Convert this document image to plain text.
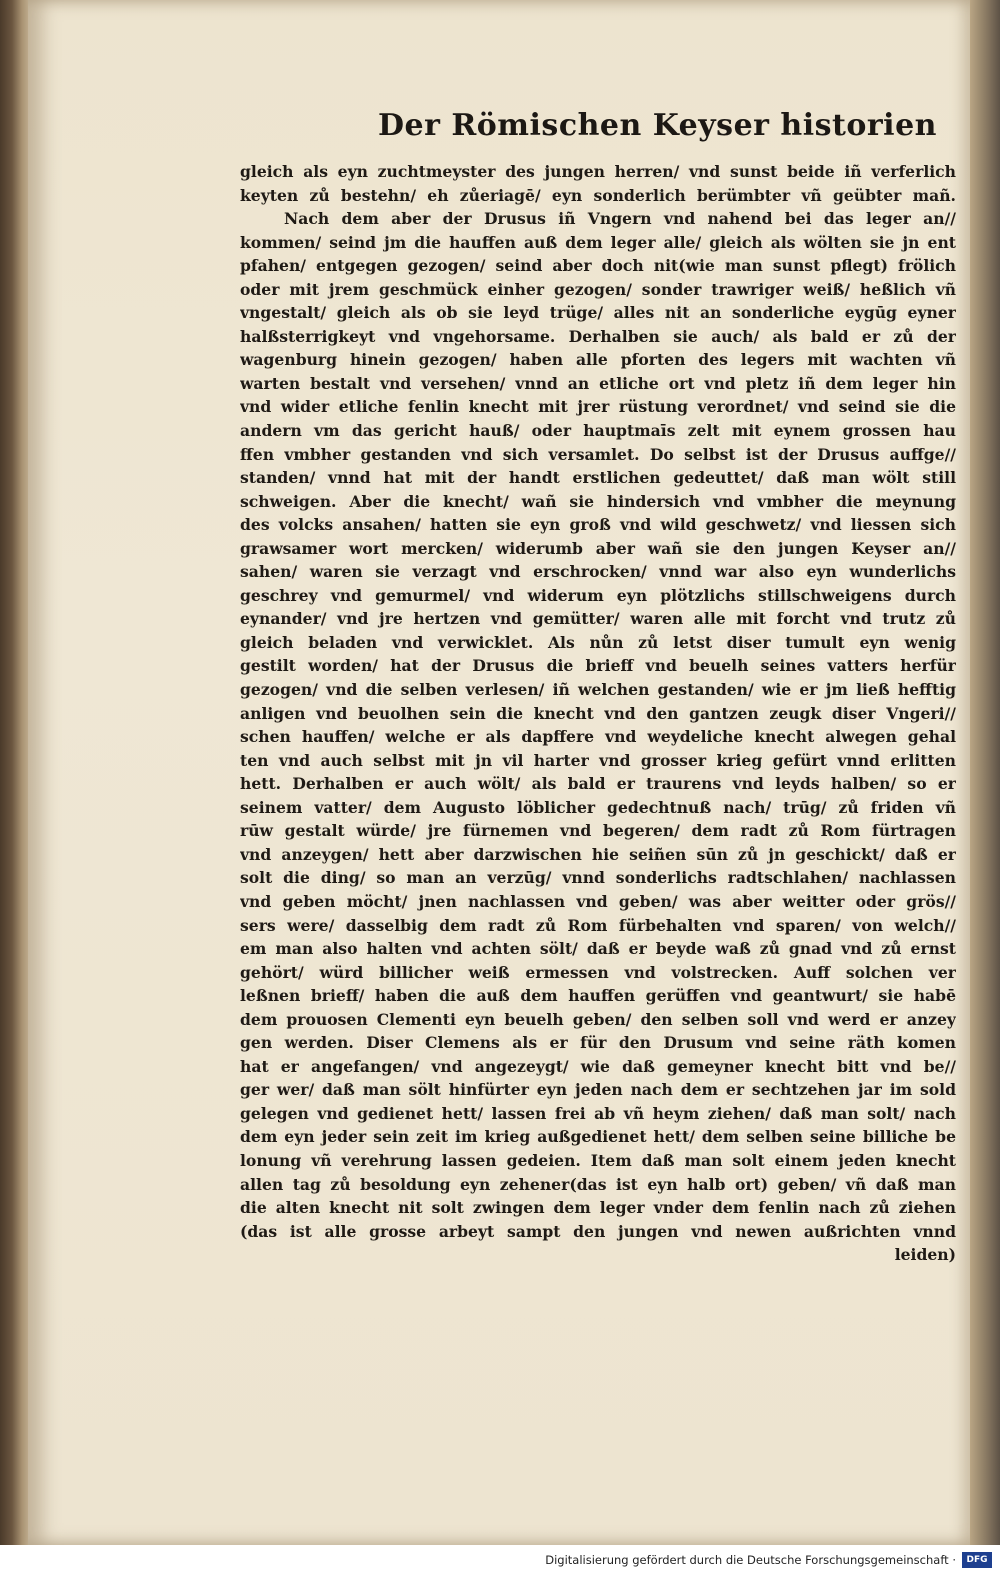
Der Römischen Keyser historien
gleich als eyn zuchtmeyster des jungen herren/ vnd sunst beide iñ verferlich
keyten zů bestehn/ eh zůeriagē/ eyn sonderlich berümbter vñ geübter mañ.
Nach dem aber der Drusus iñ Vngern vnd nahend bei das leger an//
kommen/ seind jm die hauffen auß dem leger alle/ gleich als wölten sie jn ent
pfahen/ entgegen gezogen/ seind aber doch nit(wie man sunst pflegt) frölich
oder mit jrem geschmück einher gezogen/ sonder trawriger weiß/ heßlich vñ
vngestalt/ gleich als ob sie leyd trüge/ alles nit an sonderliche eygūg eyner
halßsterrigkeyt vnd vngehorsame. Derhalben sie auch/ als bald er zů der
wagenburg hinein gezogen/ haben alle pforten des legers mit wachten vñ
warten bestalt vnd versehen/ vnnd an etliche ort vnd pletz iñ dem leger hin
vnd wider etliche fenlin knecht mit jrer rüstung verordnet/ vnd seind sie die
andern vm das gericht hauß/ oder hauptmaīs zelt mit eynem grossen hau
ffen vmbher gestanden vnd sich versamlet. Do selbst ist der Drusus auffge//
standen/ vnnd hat mit der handt erstlichen gedeuttet/ daß man wölt still
schweigen. Aber die knecht/ wañ sie hindersich vnd vmbher die meynung
des volcks ansahen/ hatten sie eyn groß vnd wild geschwetz/ vnd liessen sich
grawsamer wort mercken/ widerumb aber wañ sie den jungen Keyser an//
sahen/ waren sie verzagt vnd erschrocken/ vnnd war also eyn wunderlichs
geschrey vnd gemurmel/ vnd widerum eyn plötzlichs stillschweigens durch
eynander/ vnd jre hertzen vnd gemütter/ waren alle mit forcht vnd trutz zů
gleich beladen vnd verwicklet. Als nůn zů letst diser tumult eyn wenig
gestilt worden/ hat der Drusus die brieff vnd beuelh seines vatters herfür
gezogen/ vnd die selben verlesen/ iñ welchen gestanden/ wie er jm ließ hefftig
anligen vnd beuolhen sein die knecht vnd den gantzen zeugk diser Vngeri//
schen hauffen/ welche er als dapffere vnd weydeliche knecht alwegen gehal
ten vnd auch selbst mit jn vil harter vnd grosser krieg gefürt vnnd erlitten
hett. Derhalben er auch wölt/ als bald er traurens vnd leyds halben/ so er
seinem vatter/ dem Augusto löblicher gedechtnuß nach/ trūg/ zů friden vñ
rūw gestalt würde/ jre fürnemen vnd begeren/ dem radt zů Rom fürtragen
vnd anzeygen/ hett aber darzwischen hie seiñen sūn zů jn geschickt/ daß er
solt die ding/ so man an verzūg/ vnnd sonderlichs radtschlahen/ nachlassen
vnd geben möcht/ jnen nachlassen vnd geben/ was aber weitter oder grös//
sers were/ dasselbig dem radt zů Rom fürbehalten vnd sparen/ von welch//
em man also halten vnd achten sölt/ daß er beyde waß zů gnad vnd zů ernst
gehört/ würd billicher weiß ermessen vnd volstrecken. Auff solchen ver
leßnen brieff/ haben die auß dem hauffen gerüffen vnd geantwurt/ sie habē
dem prouosen Clementi eyn beuelh geben/ den selben soll vnd werd er anzey
gen werden. Diser Clemens als er für den Drusum vnd seine räth komen
hat er angefangen/ vnd angezeygt/ wie daß gemeyner knecht bitt vnd be//
ger wer/ daß man sölt hinfürter eyn jeden nach dem er sechtzehen jar im sold
gelegen vnd gedienet hett/ lassen frei ab vñ heym ziehen/ daß man solt/ nach
dem eyn jeder sein zeit im krieg außgedienet hett/ dem selben seine billiche be
lonung vñ verehrung lassen gedeien. Item daß man solt einem jeden knecht
allen tag zů besoldung eyn zehener(das ist eyn halb ort) geben/ vñ daß man
die alten knecht nit solt zwingen dem leger vnder dem fenlin nach zů ziehen
(das ist alle grosse arbeyt sampt den jungen vnd newen außrichten vnnd
leiden)
Digitalisierung gefördert durch die Deutsche Forschungsgemeinschaft ·	DFG
